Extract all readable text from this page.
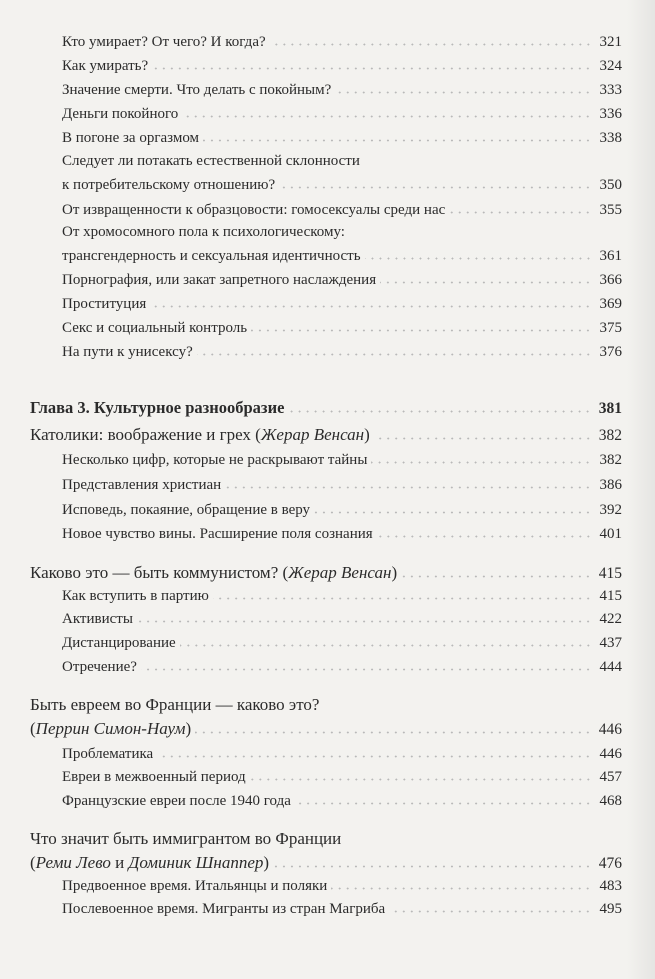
Кто умирает? От чего? И когда?	321
Как умирать?	324
Значение смерти. Что делать с покойным?	333
Деньги покойного	336
В погоне за оргазмом	338
Следует ли потакать естественной склонности
к потребительскому отношению?	350
От извращенности к образцовости: гомосексуалы среди нас	355
От хромосомного пола к психологическому:
трансгендерность и сексуальная идентичность	361
Порнография, или закат запретного наслаждения	366
Проституция	369
Секс и социальный контроль	375
На пути к унисексу?	376
Глава 3. Культурное разнообразие	381
Католики: воображение и грех (Жерар Венсан)	382
Несколько цифр, которые не раскрывают тайны	382
Представления христиан	386
Исповедь, покаяние, обращение в веру	392
Новое чувство вины. Расширение поля сознания	401
Каково это — быть коммунистом? (Жерар Венсан)	415
Как вступить в партию	415
Активисты	422
Дистанцирование	437
Отречение?	444
Быть евреем во Франции — каково это?
(Перрин Симон-Наум)	446
Проблематика	446
Евреи в межвоенный период	457
Французские евреи после 1940 года	468
Что значит быть иммигрантом во Франции
(Реми Лево и Доминик Шнаппер)	476
Предвоенное время. Итальянцы и поляки	483
Послевоенное время. Мигранты из стран Магриба	495
